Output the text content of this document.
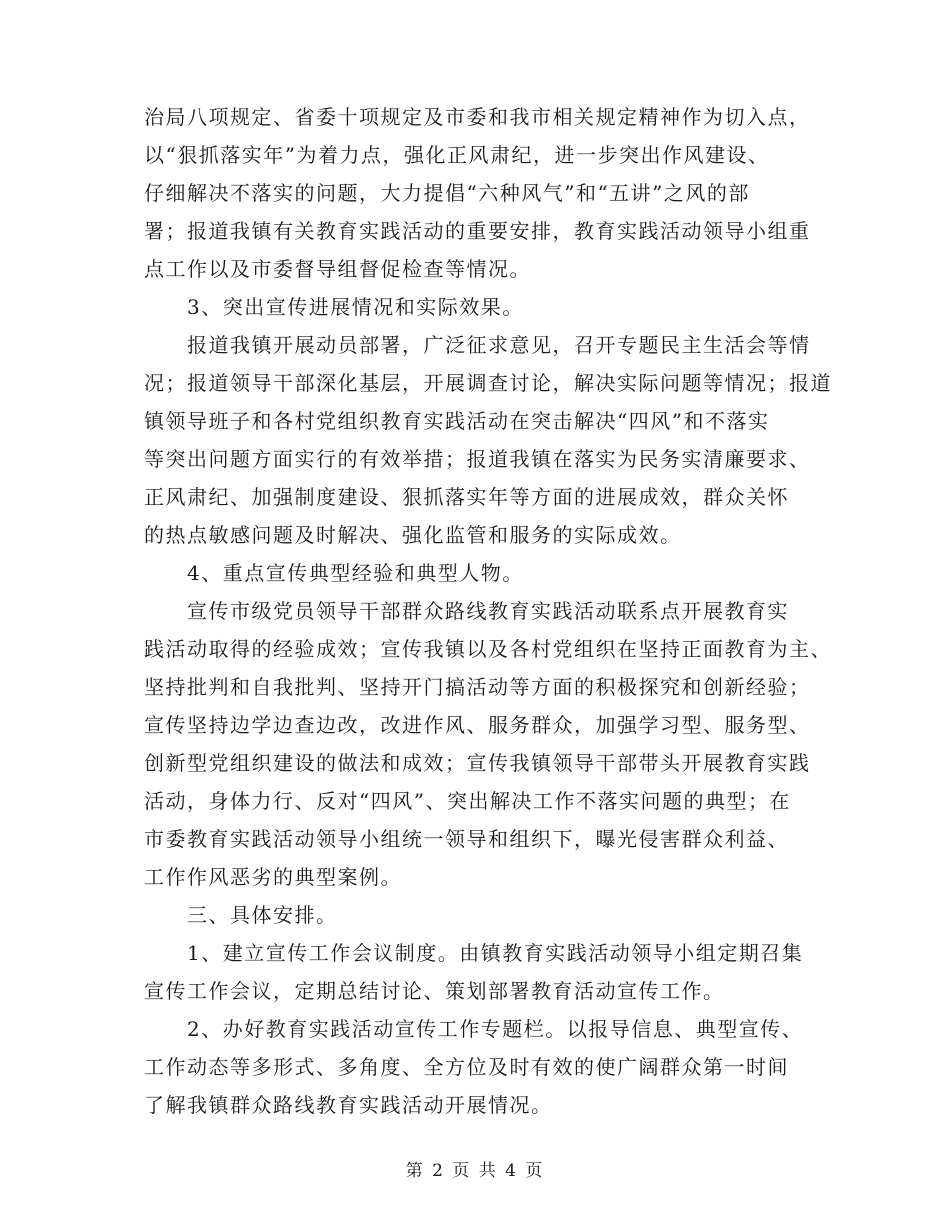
治局八项规定、省委十项规定及市委和我市相关规定精神作为切入点，
以“狠抓落实年”为着力点，强化正风肃纪，进一步突出作风建设、
仔细解决不落实的问题，大力提倡“六种风气”和“五讲”之风的部
署；报道我镇有关教育实践活动的重要安排，教育实践活动领导小组重
点工作以及市委督导组督促检查等情况。
3、突出宣传进展情况和实际效果。
报道我镇开展动员部署，广泛征求意见，召开专题民主生活会等情
况；报道领导干部深化基层，开展调查讨论，解决实际问题等情况；报道
镇领导班子和各村党组织教育实践活动在突击解决“四风”和不落实
等突出问题方面实行的有效举措；报道我镇在落实为民务实清廉要求、
正风肃纪、加强制度建设、狠抓落实年等方面的进展成效，群众关怀
的热点敏感问题及时解决、强化监管和服务的实际成效。
4、重点宣传典型经验和典型人物。
宣传市级党员领导干部群众路线教育实践活动联系点开展教育实
践活动取得的经验成效；宣传我镇以及各村党组织在坚持正面教育为主、
坚持批判和自我批判、坚持开门搞活动等方面的积极探究和创新经验；
宣传坚持边学边查边改，改进作风、服务群众，加强学习型、服务型、
创新型党组织建设的做法和成效；宣传我镇领导干部带头开展教育实践
活动，身体力行、反对“四风”、突出解决工作不落实问题的典型；在
市委教育实践活动领导小组统一领导和组织下，曝光侵害群众利益、
工作作风恶劣的典型案例。
三、具体安排。
1、建立宣传工作会议制度。由镇教育实践活动领导小组定期召集
宣传工作会议，定期总结讨论、策划部署教育活动宣传工作。
2、办好教育实践活动宣传工作专题栏。以报导信息、典型宣传、
工作动态等多形式、多角度、全方位及时有效的使广阔群众第一时间
了解我镇群众路线教育实践活动开展情况。
第 2 页 共 4 页
